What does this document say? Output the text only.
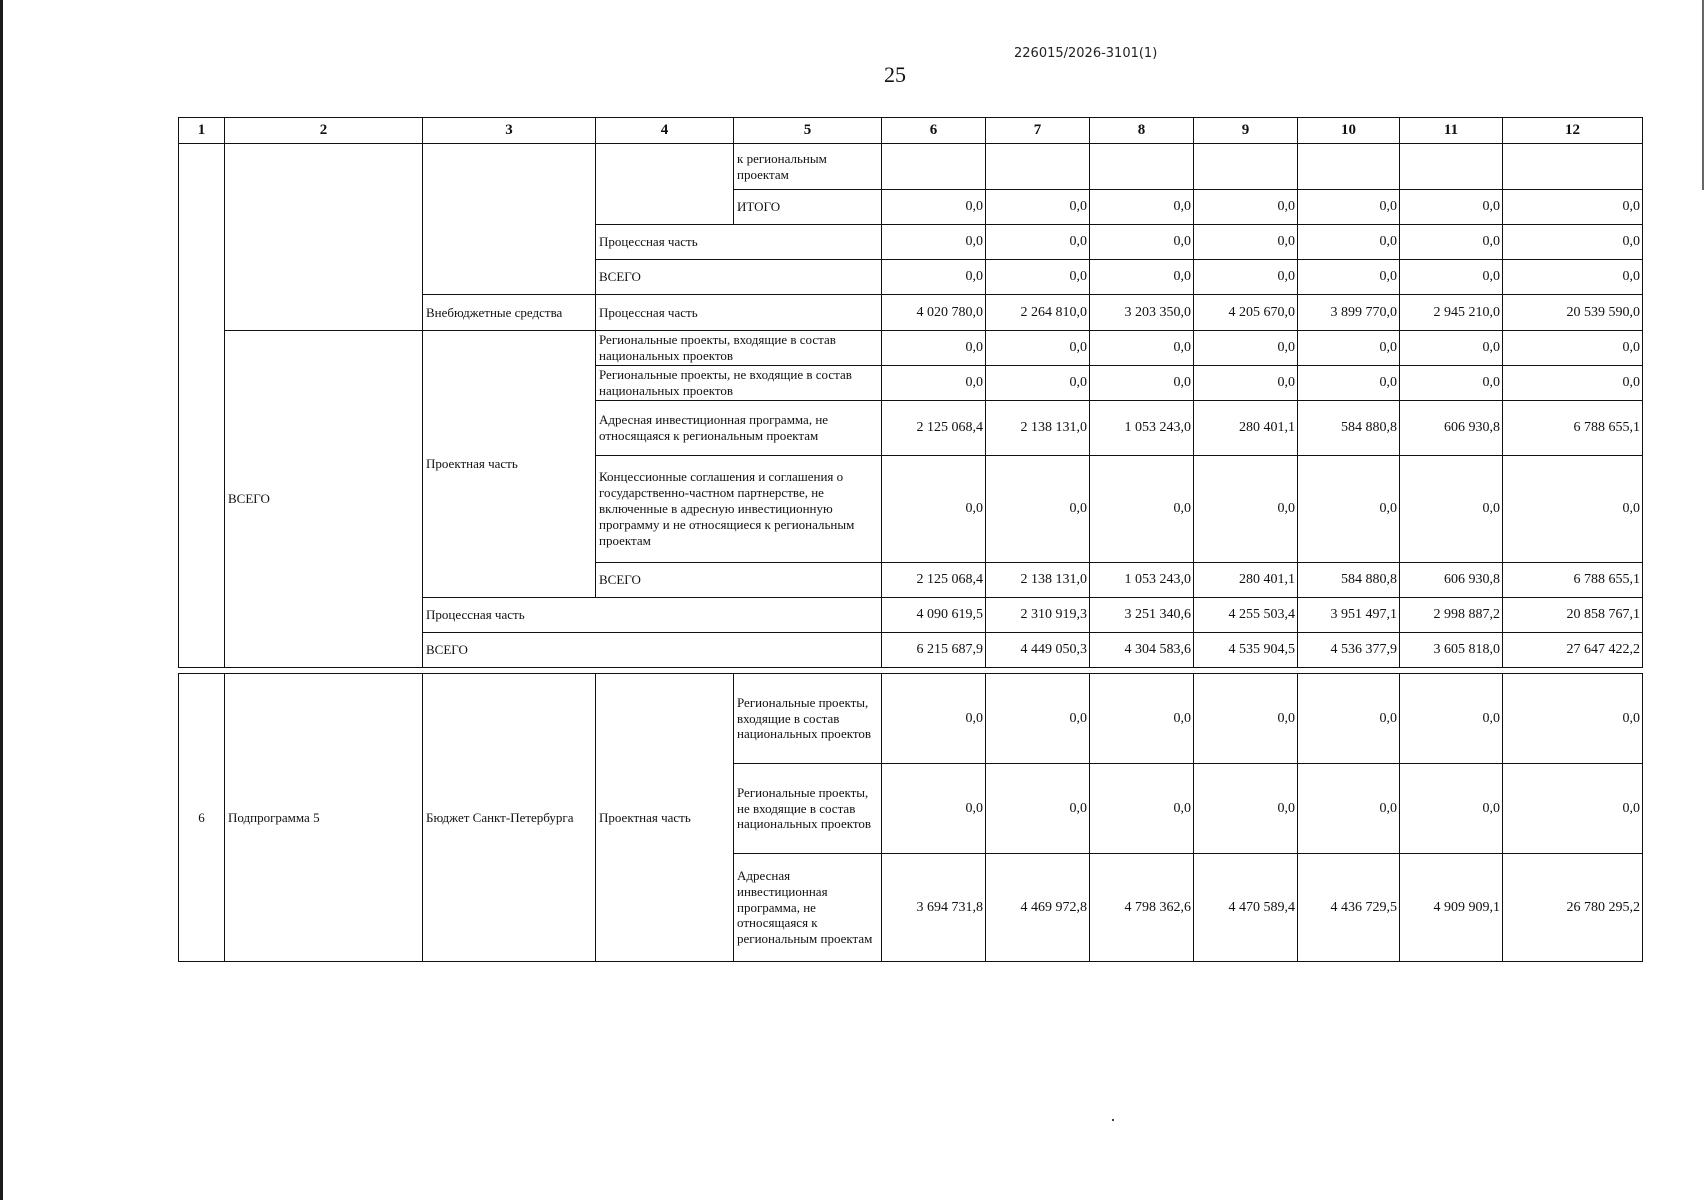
226015/2026-3101(1)
25
1	2	3	4	5	6	7	8	9	10	11	12
				к региональным проектам							
				ИТОГО	0,0	0,0	0,0	0,0	0,0	0,0	0,0
			Процессная часть		0,0	0,0	0,0	0,0	0,0	0,0	0,0
			ВСЕГО		0,0	0,0	0,0	0,0	0,0	0,0	0,0
		Внебюджетные средства	Процессная часть		4 020 780,0	2 264 810,0	3 203 350,0	4 205 670,0	3 899 770,0	2 945 210,0	20 539 590,0
	ВСЕГО	Проектная часть	Региональные проекты, входящие в состав национальных проектов		0,0	0,0	0,0	0,0	0,0	0,0	0,0
			Региональные проекты, не входящие в состав национальных проектов		0,0	0,0	0,0	0,0	0,0	0,0	0,0
			Адресная инвестиционная программа, не относящаяся к региональным проектам		2 125 068,4	2 138 131,0	1 053 243,0	280 401,1	584 880,8	606 930,8	6 788 655,1
			Концессионные соглашения и соглашения о государственно-частном партнерстве, не включенные в адресную инвестиционную программу и не относящиеся к региональным проектам		0,0	0,0	0,0	0,0	0,0	0,0	0,0
			ВСЕГО		2 125 068,4	2 138 131,0	1 053 243,0	280 401,1	584 880,8	606 930,8	6 788 655,1
		Процессная часть			4 090 619,5	2 310 919,3	3 251 340,6	4 255 503,4	3 951 497,1	2 998 887,2	20 858 767,1
		ВСЕГО			6 215 687,9	4 449 050,3	4 304 583,6	4 535 904,5	4 536 377,9	3 605 818,0	27 647 422,2
6	Подпрограмма 5	Бюджет Санкт-Петербурга	Проектная часть	Региональные проекты, входящие в состав национальных проектов	0,0	0,0	0,0	0,0	0,0	0,0	0,0
				Региональные проекты, не входящие в состав национальных проектов	0,0	0,0	0,0	0,0	0,0	0,0	0,0
				Адресная инвестиционная программа, не относящаяся к региональным проектам	3 694 731,8	4 469 972,8	4 798 362,6	4 470 589,4	4 436 729,5	4 909 909,1	26 780 295,2
